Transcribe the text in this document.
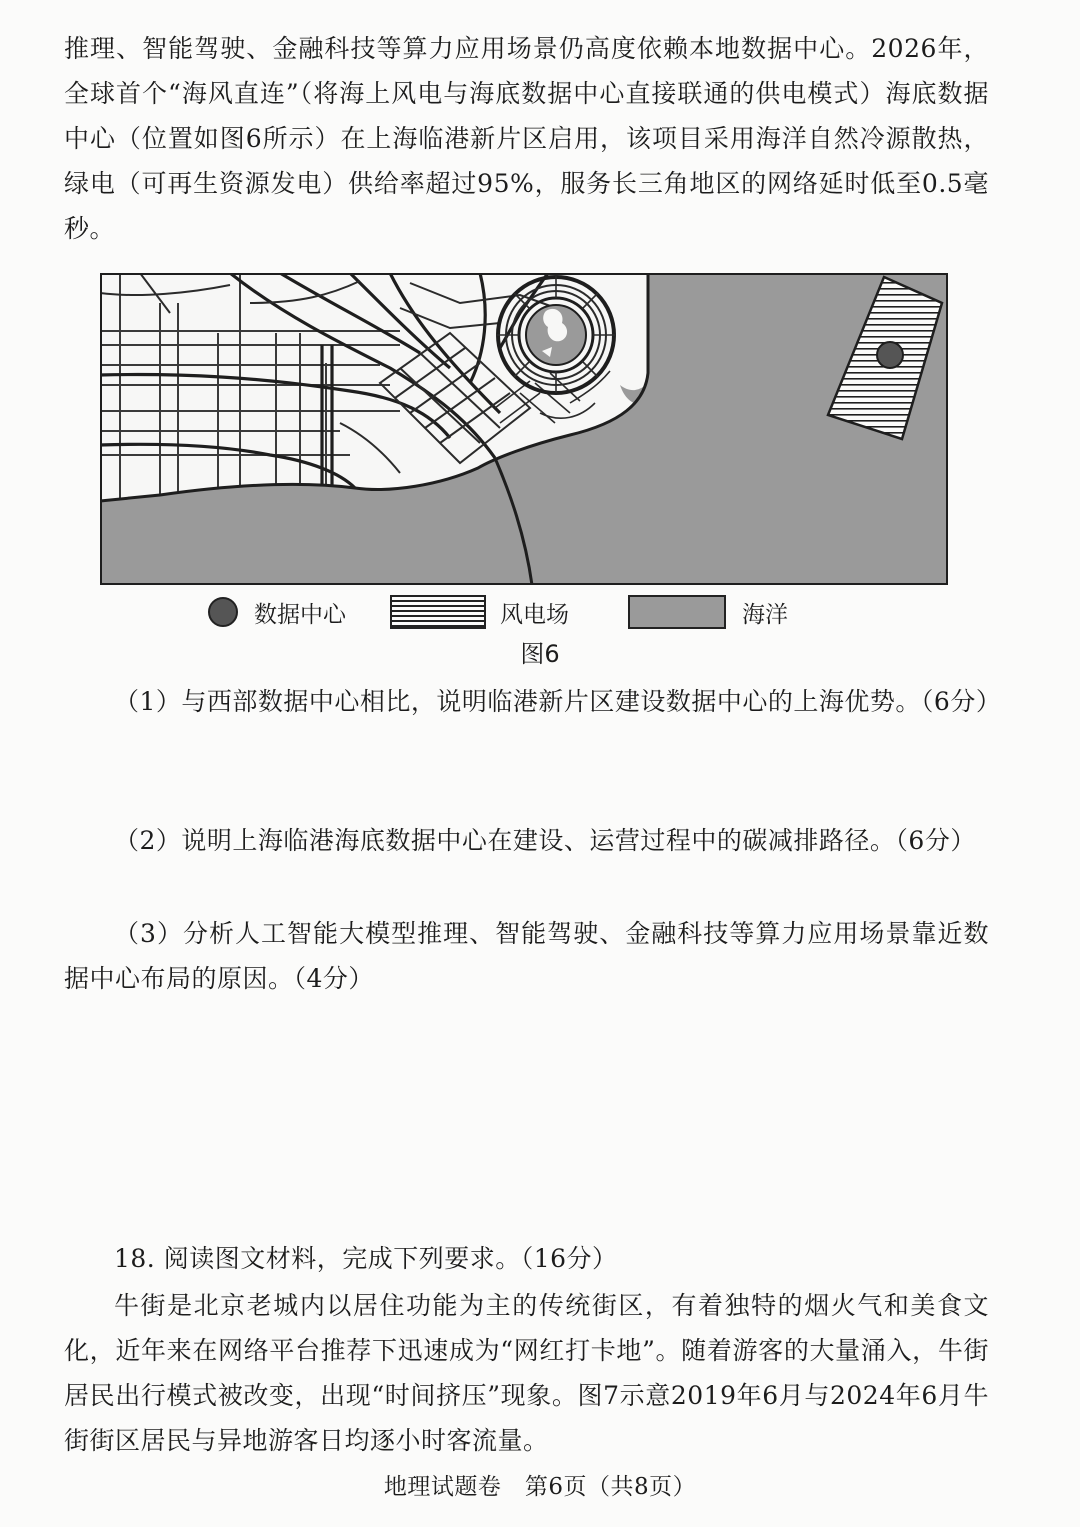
推理、智能驾驶、金融科技等算力应用场景仍高度依赖本地数据中心。2026年，全球首个“海风直连”（将海上风电与海底数据中心直接联通的供电模式）海底数据中心（位置如图6所示）在上海临港新片区启用，该项目采用海洋自然冷源散热，绿电（可再生资源发电）供给率超过95%，服务长三角地区的网络延时低至0.5毫秒。

数据中心	风电场	海洋
图6

（1）与西部数据中心相比，说明临港新片区建设数据中心的上海优势。（6分）

（2）说明上海临港海底数据中心在建设、运营过程中的碳减排路径。（6分）

（3）分析人工智能大模型推理、智能驾驶、金融科技等算力应用场景靠近数据中心布局的原因。（4分）

18. 阅读图文材料，完成下列要求。（16分）

牛街是北京老城内以居住功能为主的传统街区，有着独特的烟火气和美食文化，近年来在网络平台推荐下迅速成为“网红打卡地”。随着游客的大量涌入，牛街居民出行模式被改变，出现“时间挤压”现象。图7示意2019年6月与2024年6月牛街街区居民与异地游客日均逐小时客流量。

地理试题卷　第6页（共8页）
